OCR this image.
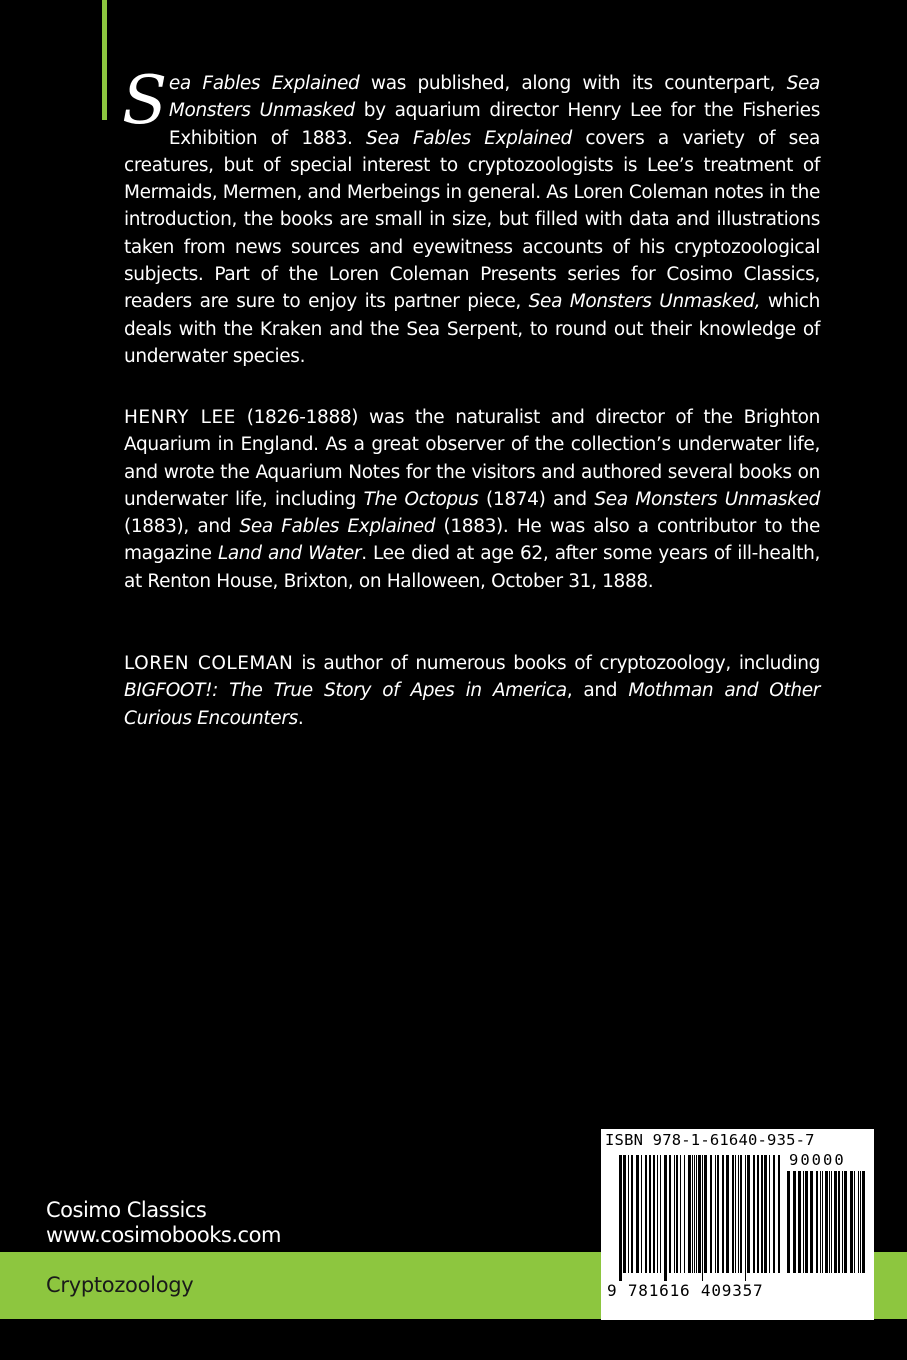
Sea Fables Explained was published, along with its counterpart, Sea Monsters Unmasked by aquarium director Henry Lee for the Fisheries Exhibition of 1883. Sea Fables Explained covers a variety of sea creatures, but of special interest to cryptozoologists is Lee’s treatment of Mermaids, Mermen, and Merbeings in general. As Loren Coleman notes in the introduction, the books are small in size, but filled with data and illustrations taken from news sources and eyewitness accounts of his cryptozoological subjects. Part of the Loren Coleman Presents series for Cosimo Classics, readers are sure to enjoy its partner piece, Sea Monsters Unmasked, which deals with the Kraken and the Sea Serpent, to round out their knowledge of underwater species.

HENRY LEE (1826-1888) was the naturalist and director of the Brighton Aquarium in England. As a great observer of the collection’s underwater life, and wrote the Aquarium Notes for the visitors and authored several books on underwater life, including The Octopus (1874) and Sea Monsters Unmasked (1883), and Sea Fables Explained (1883). He was also a contributor to the magazine Land and Water. Lee died at age 62, after some years of ill-health, at Renton House, Brixton, on Halloween, October 31, 1888.

LOREN COLEMAN is author of numerous books of cryptozoology, including BIGFOOT!: The True Story of Apes in America, and Mothman and Other Curious Encounters.

Cosimo Classics
www.cosimobooks.com
Cryptozoology
ISBN 978-1-61640-935-7
90000
9 781616 409357
